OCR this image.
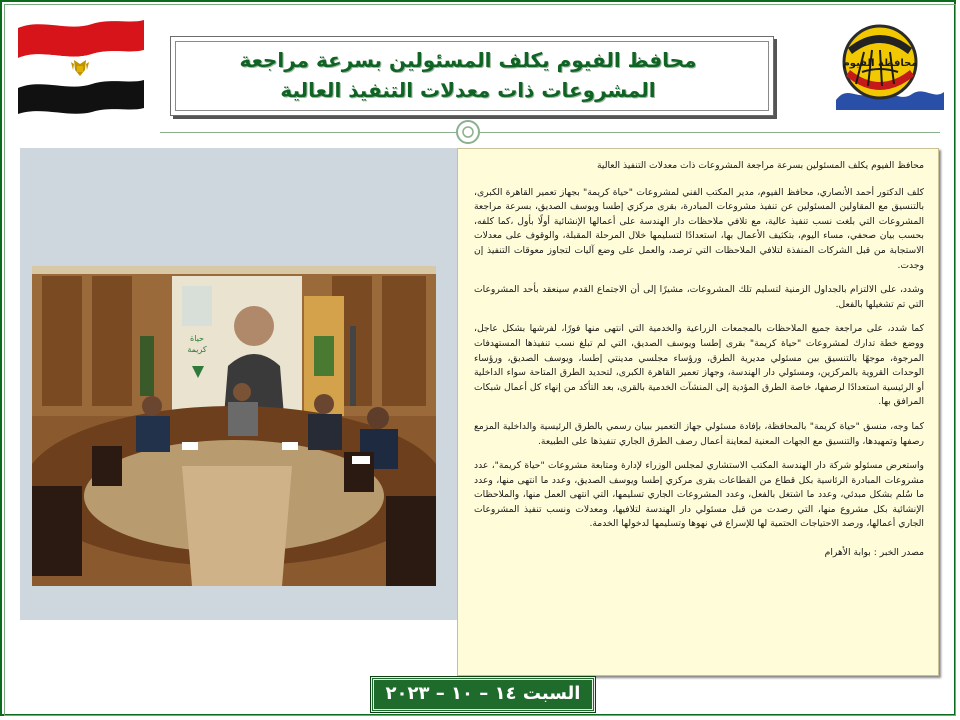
محافظة الفيوم
محافظ الفيوم يكلف المسئولين بسرعة مراجعة المشروعات ذات معدلات التنفيذ العالية
حياة
كريمة

محافظ الفيوم يكلف المسئولين بسرعة مراجعة المشروعات ذات معدلات التنفيذ العالية

كلف الدكتور أحمد الأنصاري، محافظ الفيوم، مدير المكتب الفني لمشروعات "حياة كريمة" بجهاز تعمير القاهرة الكبرى، بالتنسيق مع المقاولين المسئولين عن تنفيذ مشروعات المبادرة، بقرى مركزي إطسا ويوسف الصديق، بسرعة مراجعة المشروعات التي بلغت نسب تنفيذ عالية، مع تلافي ملاحظات دار الهندسة على أعمالها الإنشائية أولًا بأول ،كما كلفه، بحسب بيان صحفي، مساء اليوم، بتكثيف الأعمال بها، استعدادًا لتسليمها خلال المرحلة المقبلة، والوقوف على معدلات الاستجابة من قبل الشركات المنفذة لتلافي الملاحظات التي ترصد، والعمل على وضع آليات لتجاوز معوقات التنفيذ إن وجدت.

وشدد، على الالتزام بالجداول الزمنية لتسليم تلك المشروعات، مشيرًا إلى أن الاجتماع القدم سينعقد بأحد المشروعات التي تم تشغيلها بالفعل.

كما شدد، على مراجعة جميع الملاحظات بالمجمعات الزراعية والخدمية التي انتهى منها فورًا، لفرشها بشكل عاجل، ووضع خطة تدارك لمشروعات "حياة كريمة" بقرى إطسا ويوسف الصديق، التي لم تبلغ نسب تنفيذها المستهدفات المرجوة، موجهًا بالتنسيق بين مسئولي مديرية الطرق، ورؤساء مجلسي مدينتي إطسا، ويوسف الصديق، ورؤساء الوحدات القروية بالمركزين، ومسئولي دار الهندسة، وجهاز تعمير القاهرة الكبرى، لتحديد الطرق المتاحة سواء الداخلية أو الرئيسية استعدادًا لرصفها، خاصة الطرق المؤدية إلى المنشآت الخدمية بالقرى، بعد التأكد من إنهاء كل أعمال شبكات المرافق بها.

كما وجه، منسق "حياة كريمة" بالمحافظة، بإفادة مسئولي جهاز التعمير ببيان رسمي بالطرق الرئيسية والداخلية المزمع رصفها وتمهيدها، والتنسيق مع الجهات المعنية لمعاينة أعمال رصف الطرق الجاري تنفيذها على الطبيعة.

واستعرض مسئولو شركة دار الهندسة المكتب الاستشاري لمجلس الوزراء لإدارة ومتابعة مشروعات "حياة كريمة"، عدد مشروعات المبادرة الرئاسية بكل قطاع من القطاعات بقرى مركزي إطسا ويوسف الصديق، وعدد ما انتهى منها، وعدد ما سُلم بشكل مبدئي، وعدد ما اشتغل بالفعل، وعدد المشروعات الجاري تسليمها، التي انتهى العمل منها، والملاحظات الإنشائية بكل مشروع منها، التي رصدت من قبل مسئولي دار الهندسة لتلافيها، ومعدلات ونسب تنفيذ المشروعات الجاري أعمالها، ورصد الاحتياجات الحتمية لها للإسراع في نهوها وتسليمها لدخولها الخدمة.

مصدر الخبر : بوابة الأهرام

السبت ١٤ – ١٠ – ٢٠٢٣
